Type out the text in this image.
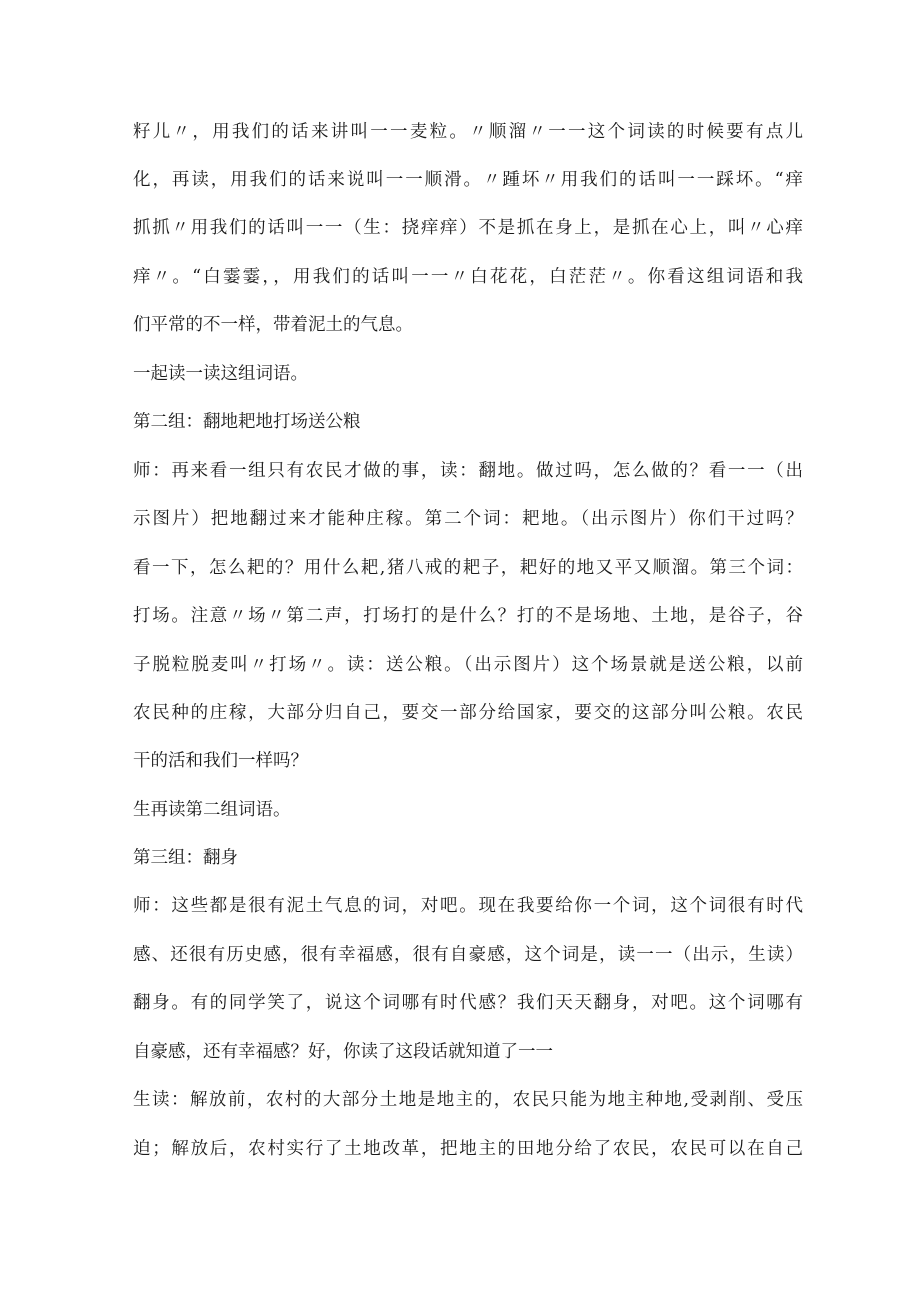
籽儿〃，用我们的话来讲叫一一麦粒。〃顺溜〃一一这个词读的时候要有点儿
化，再读，用我们的话来说叫一一顺滑。〃踵坏〃用我们的话叫一一踩坏。“痒
抓抓〃用我们的话叫一一（生：挠痒痒）不是抓在身上，是抓在心上，叫〃心痒
痒〃。“白霎霎，，用我们的话叫一一〃白花花，白茫茫〃。你看这组词语和我
们平常的不一样，带着泥土的气息。
一起读一读这组词语。
第二组：翻地耙地打场送公粮
师：再来看一组只有农民才做的事，读：翻地。做过吗，怎么做的？看一一（出
示图片）把地翻过来才能种庄稼。第二个词：耙地。（出示图片）你们干过吗？
看一下，怎么耙的？用什么耙,猪八戒的耙子，耙好的地又平又顺溜。第三个词：
打场。注意〃场〃第二声，打场打的是什么？打的不是场地、土地，是谷子，谷
子脱粒脱麦叫〃打场〃。读：送公粮。（出示图片）这个场景就是送公粮，以前
农民种的庄稼，大部分归自己，要交一部分给国家，要交的这部分叫公粮。农民
干的活和我们一样吗？
生再读第二组词语。
第三组：翻身
师：这些都是很有泥土气息的词，对吧。现在我要给你一个词，这个词很有时代
感、还很有历史感，很有幸福感，很有自豪感，这个词是，读一一（出示，生读）
翻身。有的同学笑了，说这个词哪有时代感？我们天天翻身，对吧。这个词哪有
自豪感，还有幸福感？好，你读了这段话就知道了一一
生读：解放前，农村的大部分土地是地主的，农民只能为地主种地,受剥削、受压
迫；解放后，农村实行了土地改革，把地主的田地分给了农民，农民可以在自己
